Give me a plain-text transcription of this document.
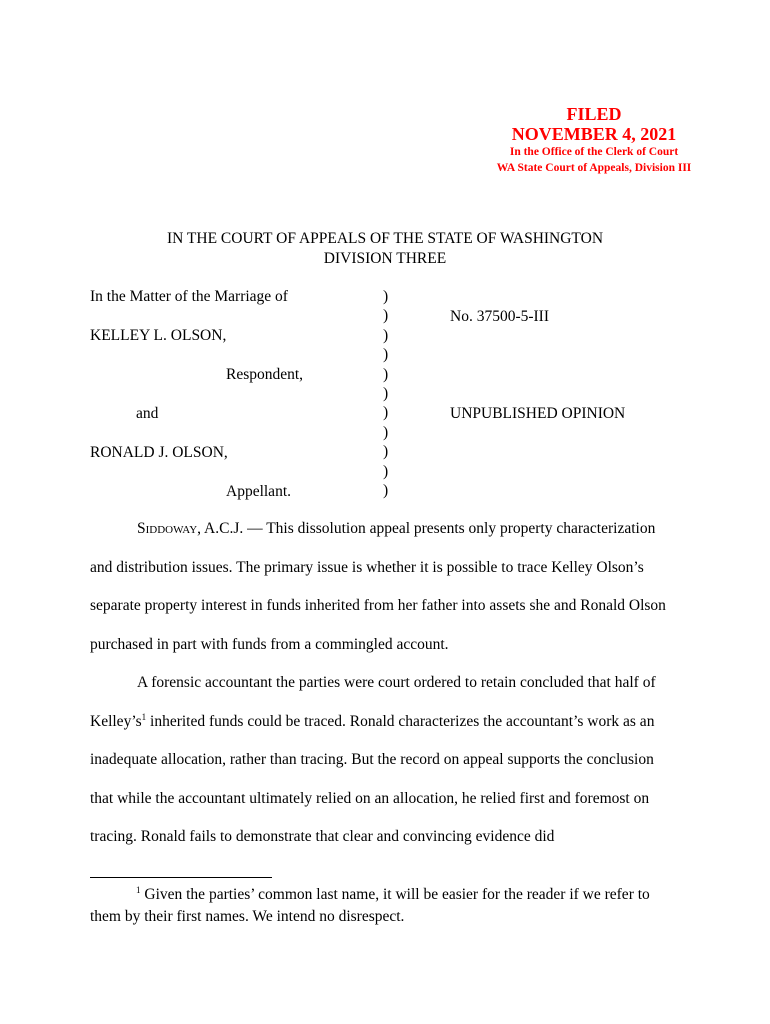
FILED
NOVEMBER 4, 2021
In the Office of the Clerk of Court
WA State Court of Appeals, Division III
IN THE COURT OF APPEALS OF THE STATE OF WASHINGTON
DIVISION THREE
In the Matter of the Marriage of
KELLEY L. OLSON,
Respondent,
and
RONALD J. OLSON,
Appellant.
)
)
)
)
)
)
)
)
)
)
)
No. 37500-5-III
UNPUBLISHED OPINION

Siddoway, A.C.J. — This dissolution appeal presents only property characterization and distribution issues. The primary issue is whether it is possible to trace Kelley Olson’s separate property interest in funds inherited from her father into assets she and Ronald Olson purchased in part with funds from a commingled account.

A forensic accountant the parties were court ordered to retain concluded that half of $Kelley’s^1$ inherited funds could be traced. Ronald characterizes the accountant’s work as an inadequate allocation, rather than tracing. But the record on appeal supports the conclusion that while the accountant ultimately relied on an allocation, he relied first and foremost on tracing. Ronald fails to demonstrate that clear and convincing evidence did

$^1$ Given the parties’ common last name, it will be easier for the reader if we refer to them by their first names. We intend no disrespect.
